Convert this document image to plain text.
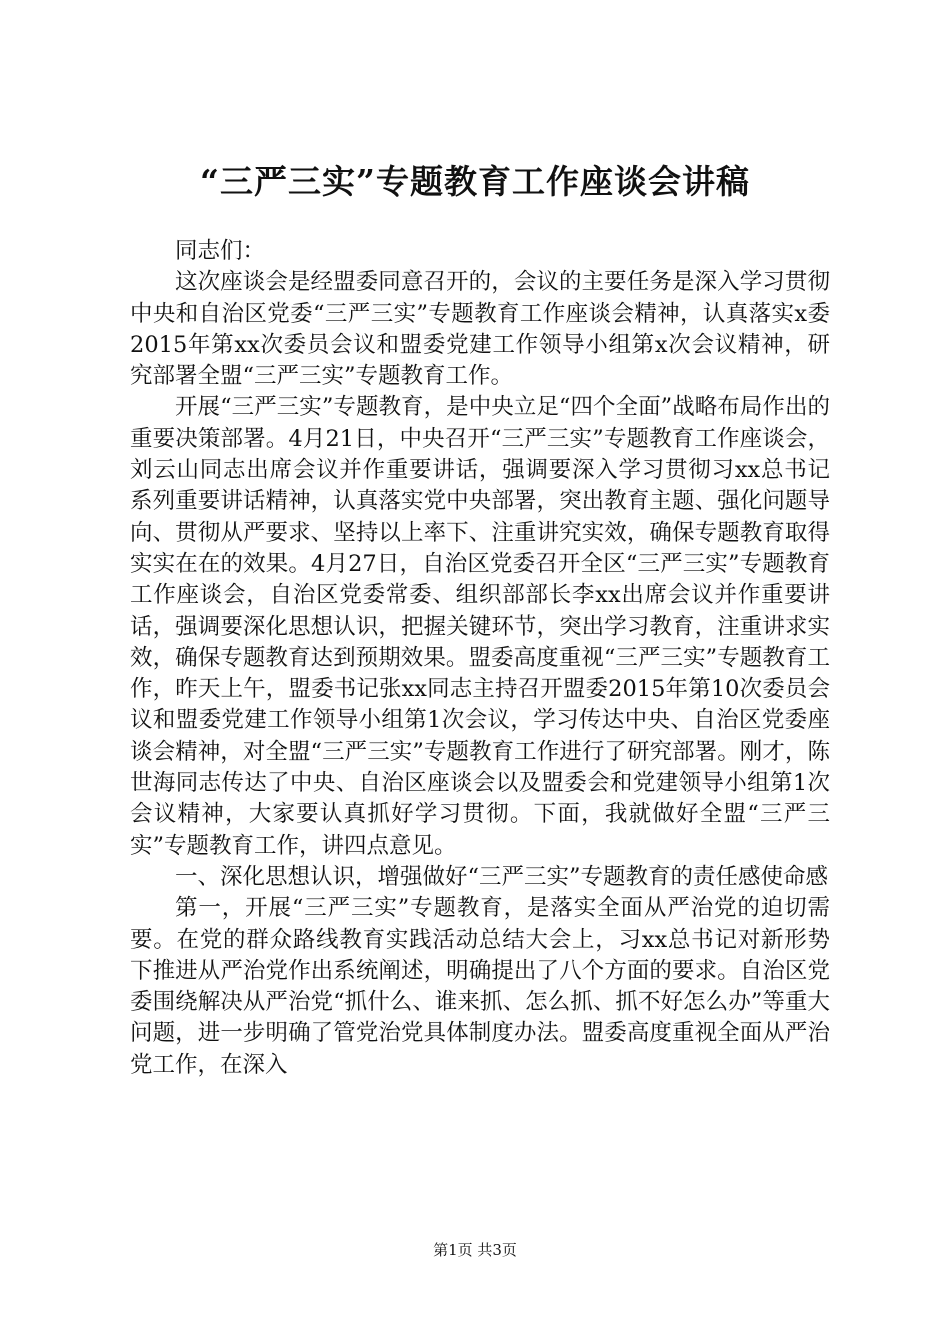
“三严三实”专题教育工作座谈会讲稿

同志们：

这次座谈会是经盟委同意召开的，会议的主要任务是深入学习贯彻中央和自治区党委“三严三实”专题教育工作座谈会精神，认真落实x委2015年第xx次委员会议和盟委党建工作领导小组第x次会议精神，研究部署全盟“三严三实”专题教育工作。

开展“三严三实”专题教育，是中央立足“四个全面”战略布局作出的重要决策部署。4月21日，中央召开“三严三实”专题教育工作座谈会，刘云山同志出席会议并作重要讲话，强调要深入学习贯彻习xx总书记系列重要讲话精神，认真落实党中央部署，突出教育主题、强化问题导向、贯彻从严要求、坚持以上率下、注重讲究实效，确保专题教育取得实实在在的效果。4月27日，自治区党委召开全区“三严三实”专题教育工作座谈会，自治区党委常委、组织部部长李xx出席会议并作重要讲话，强调要深化思想认识，把握关键环节，突出学习教育，注重讲求实效，确保专题教育达到预期效果。盟委高度重视“三严三实”专题教育工作，昨天上午，盟委书记张xx同志主持召开盟委2015年第10次委员会议和盟委党建工作领导小组第1次会议，学习传达中央、自治区党委座谈会精神，对全盟“三严三实”专题教育工作进行了研究部署。刚才，陈世海同志传达了中央、自治区座谈会以及盟委会和党建领导小组第1次会议精神，大家要认真抓好学习贯彻。下面，我就做好全盟“三严三实”专题教育工作，讲四点意见。

一、深化思想认识，增强做好“三严三实”专题教育的责任感使命感

第一，开展“三严三实”专题教育，是落实全面从严治党的迫切需要。在党的群众路线教育实践活动总结大会上，习xx总书记对新形势下推进从严治党作出系统阐述，明确提出了八个方面的要求。自治区党委围绕解决从严治党“抓什么、谁来抓、怎么抓、抓不好怎么办”等重大问题，进一步明确了管党治党具体制度办法。盟委高度重视全面从严治党工作，在深入

第1页 共3页
